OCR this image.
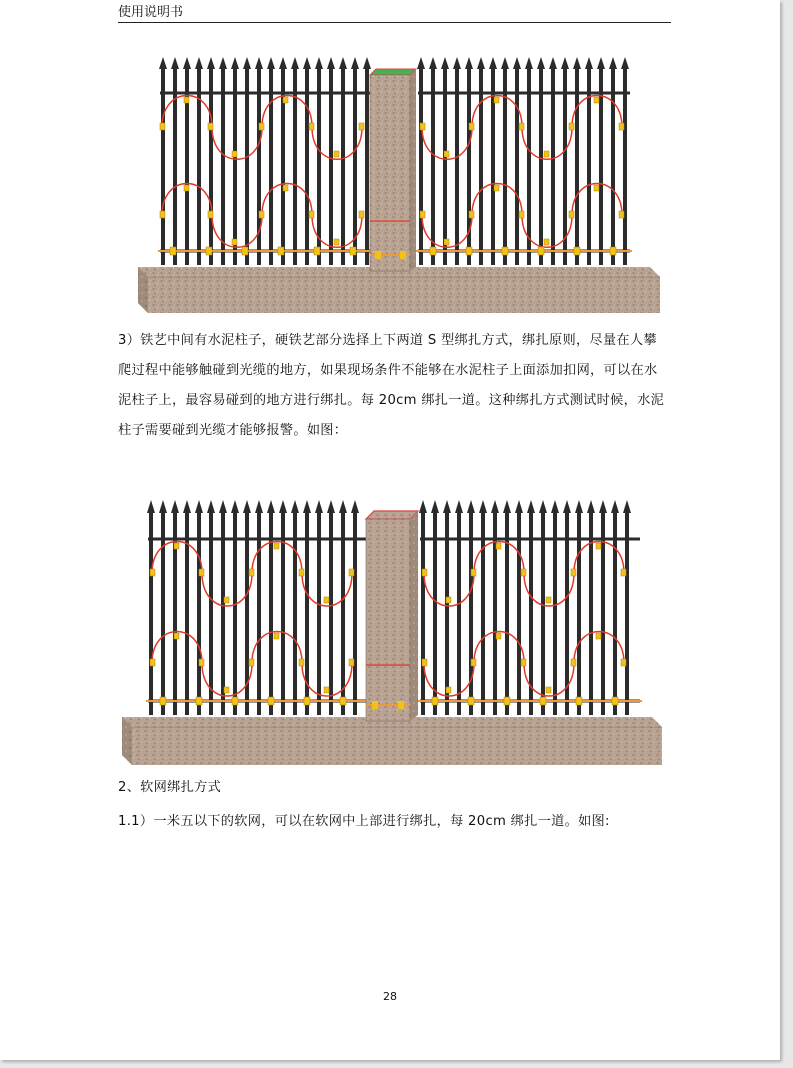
使用说明书
3）铁艺中间有水泥柱子，硬铁艺部分选择上下两道 S 型绑扎方式，绑扎原则，尽量在人攀
爬过程中能够触碰到光缆的地方，如果现场条件不能够在水泥柱子上面添加扣网，可以在水
泥柱子上，最容易碰到的地方进行绑扎。每 20cm 绑扎一道。这种绑扎方式测试时候，水泥
柱子需要碰到光缆才能够报警。如图：
2、软网绑扎方式
1.1）一米五以下的软网，可以在软网中上部进行绑扎，每 20cm 绑扎一道。如图:
28
